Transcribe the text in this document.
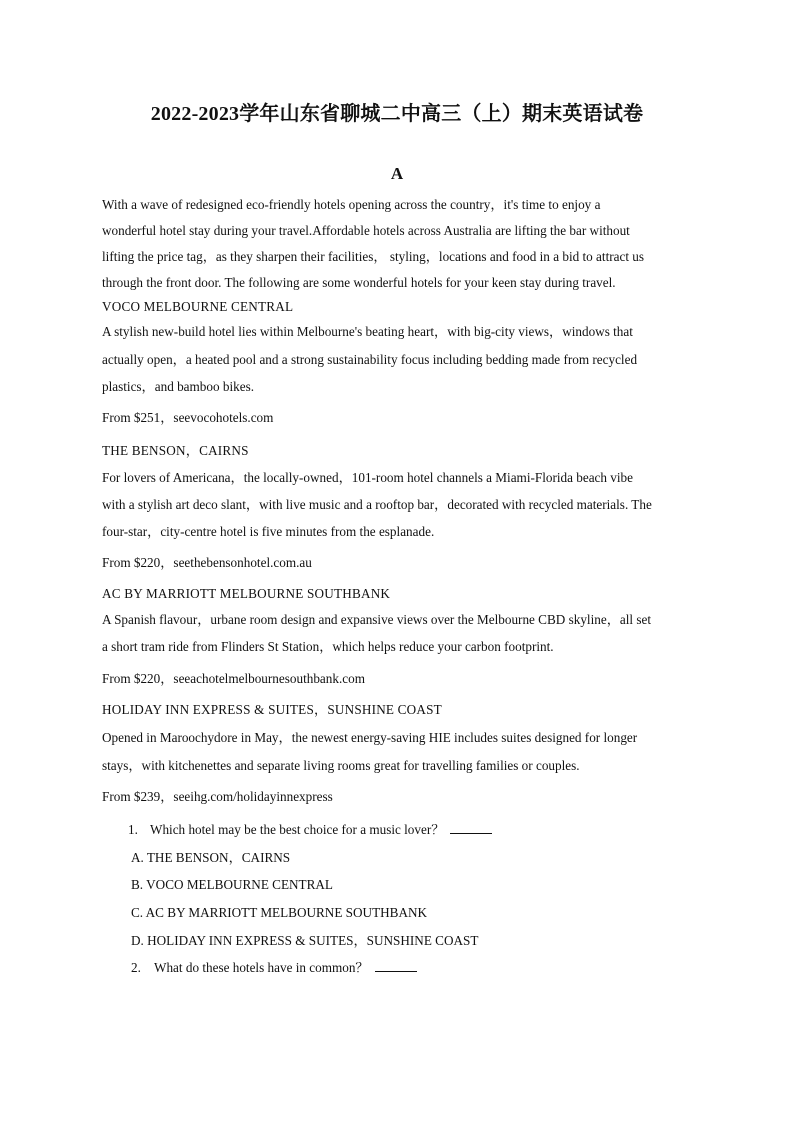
2022-2023学年山东省聊城二中高三（上）期末英语试卷
A
With a wave of redesigned eco-friendly hotels opening across the country，it's time to enjoy a
wonderful hotel stay during your travel.Affordable hotels across Australia are lifting the bar without
lifting the price tag，as they sharpen their facilities， styling，locations and food in a bid to attract us
through the front door. The following are some wonderful hotels for your keen stay during travel.
VOCO MELBOURNE CENTRAL
A stylish new-build hotel lies within Melbourne's beating heart，with big-city views，windows that
actually open，a heated pool and a strong sustainability focus including bedding made from recycled
plastics，and bamboo bikes.
From $251，seevocohotels.com
THE BENSON，CAIRNS
For lovers of Americana，the locally-owned，101-room hotel channels a Miami-Florida beach vibe
with a stylish art deco slant，with live music and a rooftop bar，decorated with recycled materials. The
four-star，city-centre hotel is five minutes from the esplanade.
From $220，seethebensonhotel.com.au
AC BY MARRIOTT MELBOURNE SOUTHBANK
A Spanish flavour，urbane room design and expansive views over the Melbourne CBD skyline，all set
a short tram ride from Flinders St Station，which helps reduce your carbon footprint.
From $220，seeachotelmelbournesouthbank.com
HOLIDAY INN EXPRESS & SUITES，SUNSHINE COAST
Opened in Maroochydore in May，the newest energy-saving HIE includes suites designed for longer
stays，with kitchenettes and separate living rooms great for travelling families or couples.
From $239，seeihg.com/holidayinnexpress
1. Which hotel may be the best choice for a music lover？
A. THE BENSON，CAIRNS
B. VOCO MELBOURNE CENTRAL
C. AC BY MARRIOTT MELBOURNE SOUTHBANK
D. HOLIDAY INN EXPRESS & SUITES，SUNSHINE COAST
2. What do these hotels have in common？
